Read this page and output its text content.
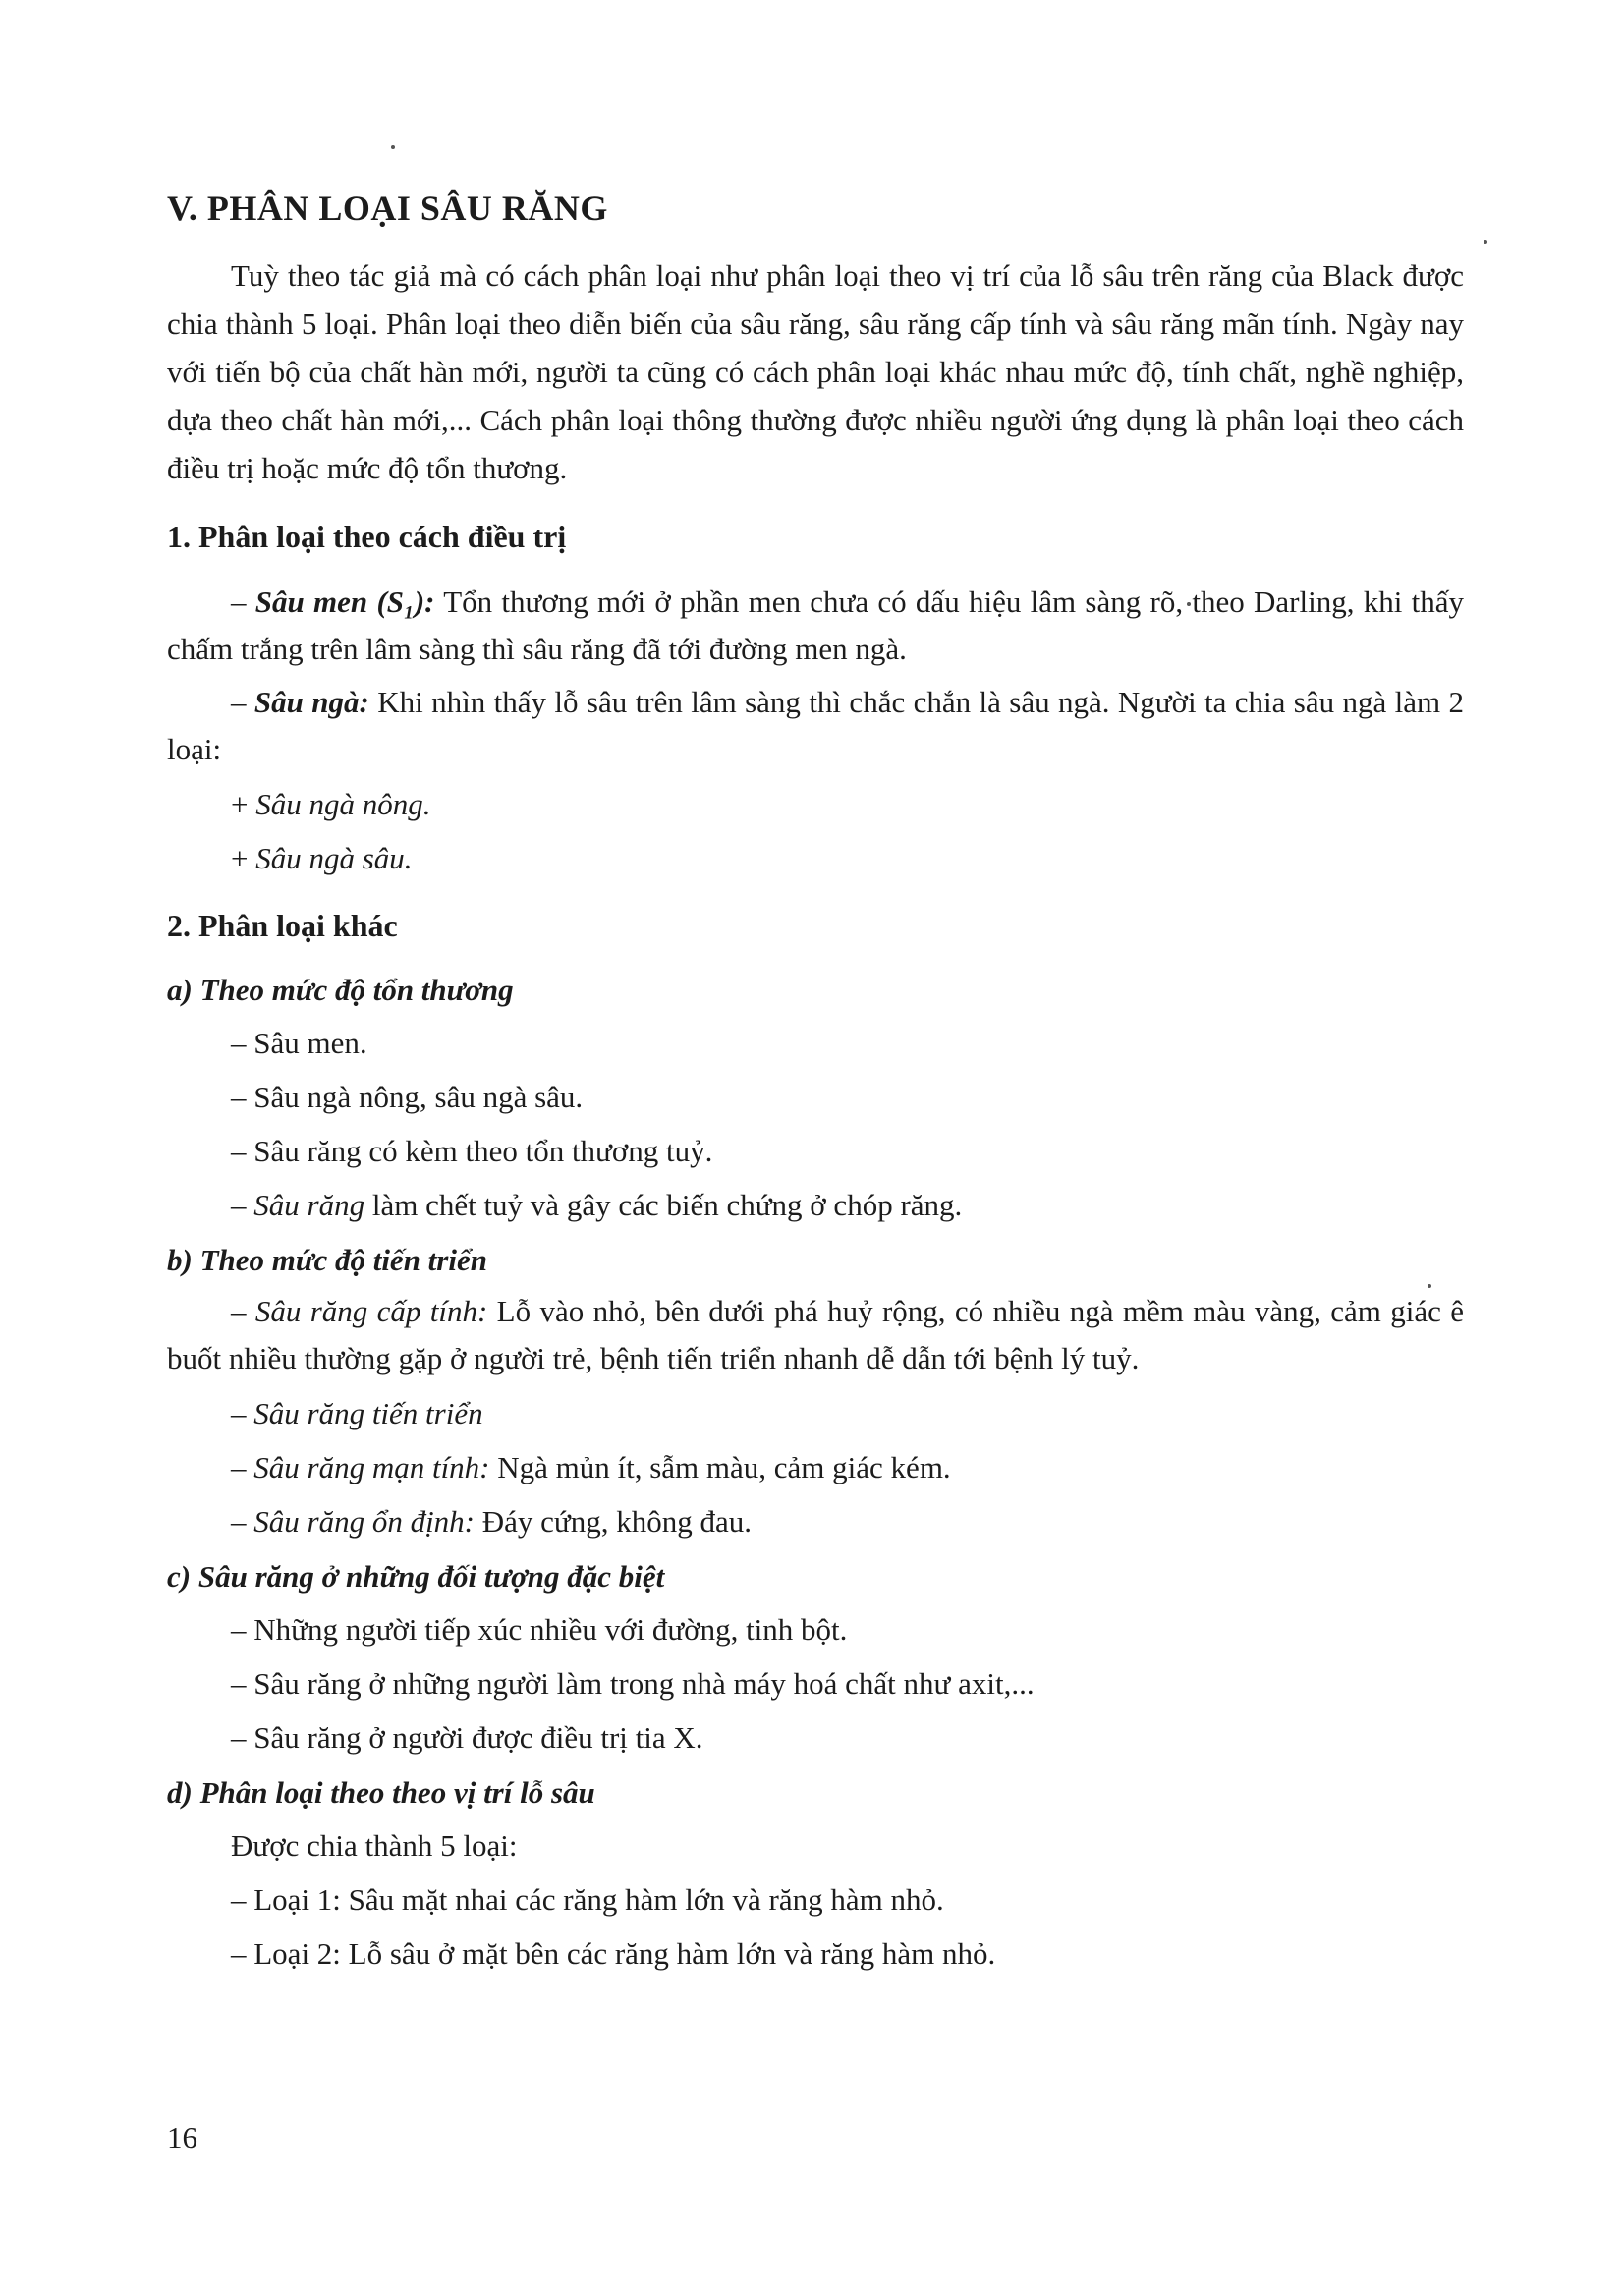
V. PHÂN LOẠI SÂU RĂNG

Tuỳ theo tác giả mà có cách phân loại như phân loại theo vị trí của lỗ sâu trên răng của Black được chia thành 5 loại. Phân loại theo diễn biến của sâu răng, sâu răng cấp tính và sâu răng mãn tính. Ngày nay với tiến bộ của chất hàn mới, người ta cũng có cách phân loại khác nhau mức độ, tính chất, nghề nghiệp, dựa theo chất hàn mới,... Cách phân loại thông thường được nhiều người ứng dụng là phân loại theo cách điều trị hoặc mức độ tổn thương.

1. Phân loại theo cách điều trị

– Sâu men (S₁): Tổn thương mới ở phần men chưa có dấu hiệu lâm sàng rõ, theo Darling, khi thấy chấm trắng trên lâm sàng thì sâu răng đã tới đường men ngà.

– Sâu ngà: Khi nhìn thấy lỗ sâu trên lâm sàng thì chắc chắn là sâu ngà. Người ta chia sâu ngà làm 2 loại:

+ Sâu ngà nông.
+ Sâu ngà sâu.
2. Phân loại khác
a) Theo mức độ tổn thương
– Sâu men.
– Sâu ngà nông, sâu ngà sâu.
– Sâu răng có kèm theo tổn thương tuỷ.
– Sâu răng làm chết tuỷ và gây các biến chứng ở chóp răng.
b) Theo mức độ tiến triển

– Sâu răng cấp tính: Lỗ vào nhỏ, bên dưới phá huỷ rộng, có nhiều ngà mềm màu vàng, cảm giác ê buốt nhiều thường gặp ở người trẻ, bệnh tiến triển nhanh dễ dẫn tới bệnh lý tuỷ.

– Sâu răng tiến triển
– Sâu răng mạn tính: Ngà mủn ít, sẫm màu, cảm giác kém.
– Sâu răng ổn định: Đáy cứng, không đau.
c) Sâu răng ở những đối tượng đặc biệt
– Những người tiếp xúc nhiều với đường, tinh bột.
– Sâu răng ở những người làm trong nhà máy hoá chất như axit,...
– Sâu răng ở người được điều trị tia X.
d) Phân loại theo theo vị trí lỗ sâu
Được chia thành 5 loại:
– Loại 1: Sâu mặt nhai các răng hàm lớn và răng hàm nhỏ.
– Loại 2: Lỗ sâu ở mặt bên các răng hàm lớn và răng hàm nhỏ.
16
